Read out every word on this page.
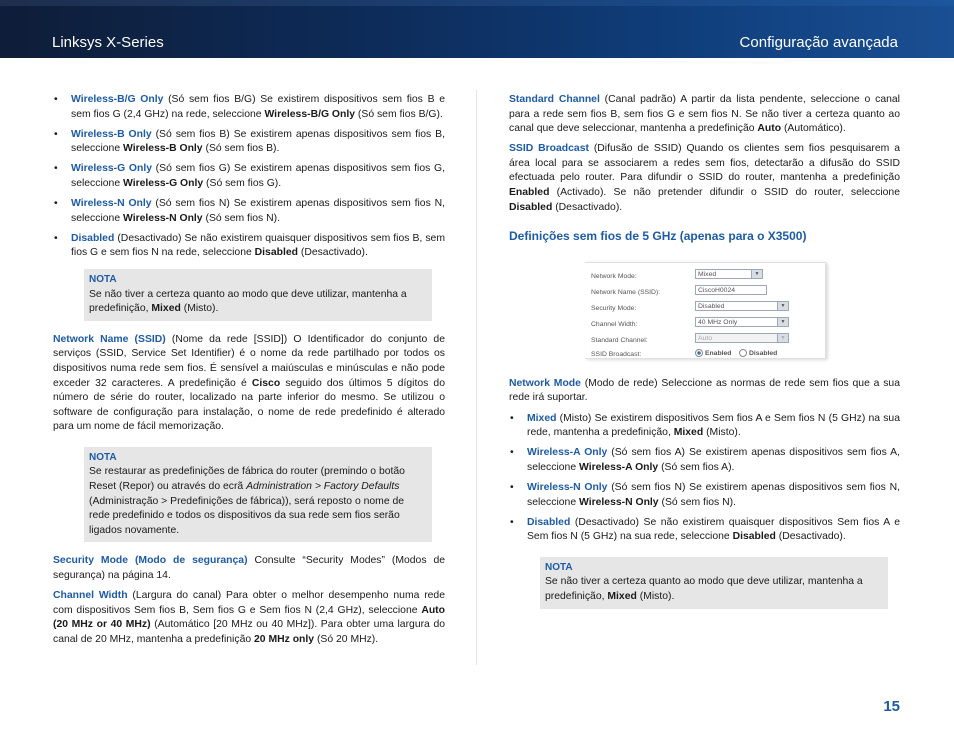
Linksys X-Series	Configuração avançada
• Wireless-B/G Only (Só sem fios B/G) Se existirem dispositivos sem fios B e sem fios G (2,4 GHz) na rede, seleccione Wireless-B/G Only (Só sem fios B/G).
• Wireless-B Only (Só sem fios B) Se existirem apenas dispositivos sem fios B, seleccione Wireless-B Only (Só sem fios B).
• Wireless-G Only (Só sem fios G) Se existirem apenas dispositivos sem fios G, seleccione Wireless-G Only (Só sem fios G).
• Wireless-N Only (Só sem fios N) Se existirem apenas dispositivos sem fios N, seleccione Wireless-N Only (Só sem fios N).
• Disabled (Desactivado) Se não existirem quaisquer dispositivos sem fios B, sem fios G e sem fios N na rede, seleccione Disabled (Desactivado).
NOTA
Se não tiver a certeza quanto ao modo que deve utilizar, mantenha a predefinição, Mixed (Misto).

Network Name (SSID) (Nome da rede [SSID]) O Identificador do conjunto de serviços (SSID, Service Set Identifier) é o nome da rede partilhado por todos os dispositivos numa rede sem fios. É sensível a maiúsculas e minúsculas e não pode exceder 32 caracteres. A predefinição é Cisco seguido dos últimos 5 dígitos do número de série do router, localizado na parte inferior do mesmo. Se utilizou o software de configuração para instalação, o nome de rede predefinido é alterado para um nome de fácil memorização.

NOTA
Se restaurar as predefinições de fábrica do router (premindo o botão Reset (Repor) ou através do ecrã Administration > Factory Defaults (Administração > Predefinições de fábrica)), será reposto o nome de rede predefinido e todos os dispositivos da sua rede sem fios serão ligados novamente.

Security Mode (Modo de segurança) Consulte “Security Modes” (Modos de segurança) na página 14.

Channel Width (Largura do canal) Para obter o melhor desempenho numa rede com dispositivos Sem fios B, Sem fios G e Sem fios N (2,4 GHz), seleccione Auto (20 MHz or 40 MHz) (Automático [20 MHz ou 40 MHz]). Para obter uma largura do canal de 20 MHz, mantenha a predefinição 20 MHz only (Só 20 MHz).

Standard Channel (Canal padrão) A partir da lista pendente, seleccione o canal para a rede sem fios B, sem fios G e sem fios N. Se não tiver a certeza quanto ao canal que deve seleccionar, mantenha a predefinição Auto (Automático).

SSID Broadcast (Difusão de SSID) Quando os clientes sem fios pesquisarem a área local para se associarem a redes sem fios, detectarão a difusão do SSID efectuada pelo router. Para difundir o SSID do router, mantenha a predefinição Enabled (Activado). Se não pretender difundir o SSID do router, seleccione Disabled (Desactivado).

Definições sem fios de 5 GHz (apenas para o X3500)
Network Mode:	Mixed	▼
Network Name (SSID):	CiscoH0024
Security Mode:	Disabled	▼
Channel Width:	40 MHz Only	▼
Standard Channel:	Auto	▼
SSID Broadcast:	Enabled	Disabled

Network Mode (Modo de rede) Seleccione as normas de rede sem fios que a sua rede irá suportar.

• Mixed (Misto) Se existirem dispositivos Sem fios A e Sem fios N (5 GHz) na sua rede, mantenha a predefinição, Mixed (Misto).
• Wireless-A Only (Só sem fios A) Se existirem apenas dispositivos sem fios A, seleccione Wireless-A Only (Só sem fios A).
• Wireless-N Only (Só sem fios N) Se existirem apenas dispositivos sem fios N, seleccione Wireless-N Only (Só sem fios N).
• Disabled (Desactivado) Se não existirem quaisquer dispositivos Sem fios A e Sem fios N (5 GHz) na sua rede, seleccione Disabled (Desactivado).
NOTA
Se não tiver a certeza quanto ao modo que deve utilizar, mantenha a predefinição, Mixed (Misto).
15
